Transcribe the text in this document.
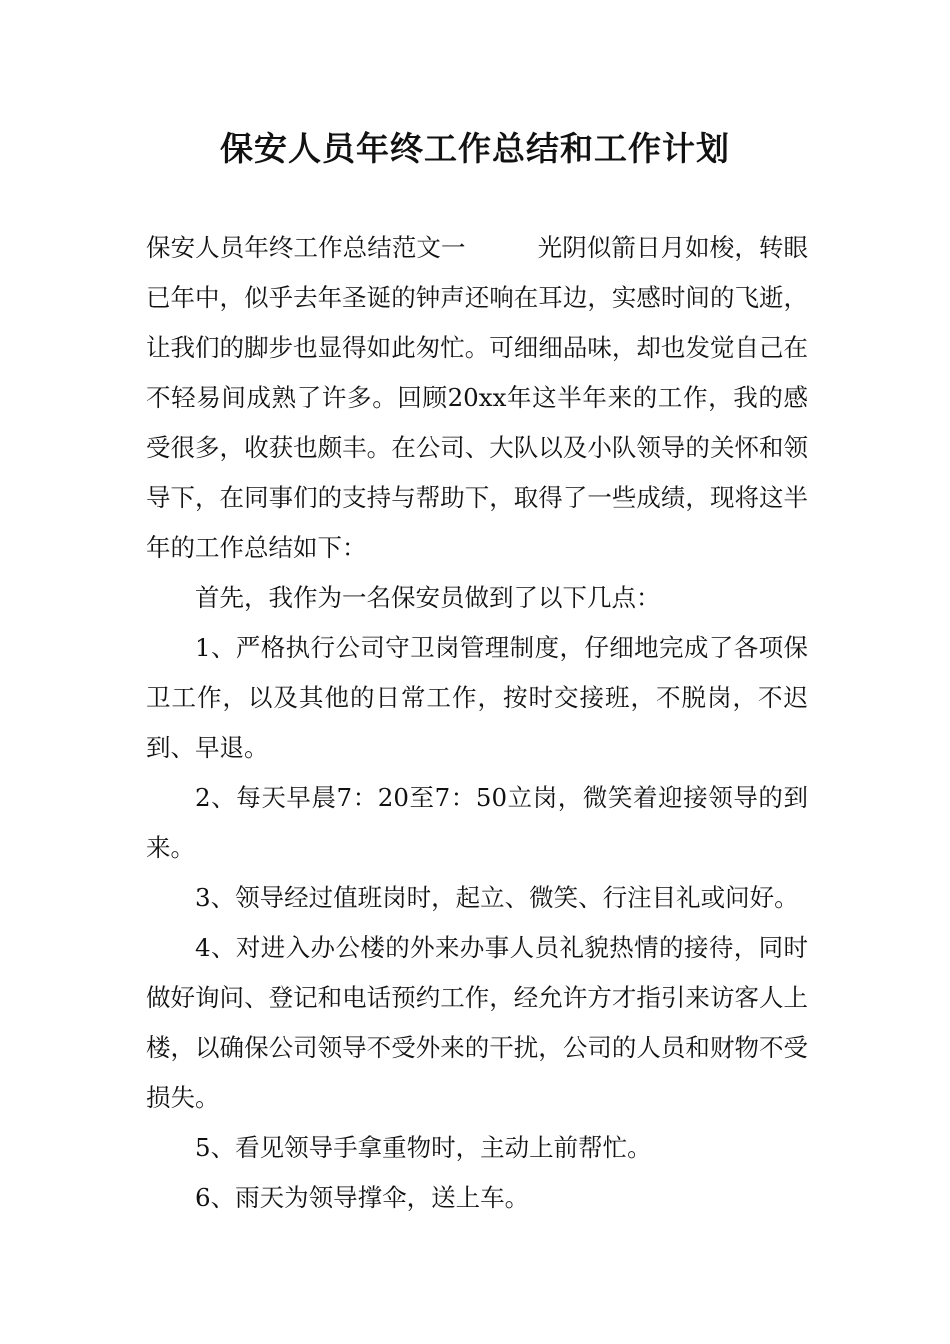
保安人员年终工作总结和工作计划

保安人员年终工作总结范文一	光阴似箭日月如梭，转眼已年中，似乎去年圣诞的钟声还响在耳边，实感时间的飞逝，让我们的脚步也显得如此匆忙。可细细品味，却也发觉自己在不轻易间成熟了许多。回顾20xx年这半年来的工作，我的感受很多，收获也颇丰。在公司、大队以及小队领导的关怀和领导下，在同事们的支持与帮助下，取得了一些成绩，现将这半年的工作总结如下：

首先，我作为一名保安员做到了以下几点：

1、严格执行公司守卫岗管理制度，仔细地完成了各项保卫工作，以及其他的日常工作，按时交接班，不脱岗，不迟到、早退。

2、每天早晨7：20至7：50立岗，微笑着迎接领导的到来。

3、领导经过值班岗时，起立、微笑、行注目礼或问好。

4、对进入办公楼的外来办事人员礼貌热情的接待，同时做好询问、登记和电话预约工作，经允许方才指引来访客人上楼，以确保公司领导不受外来的干扰，公司的人员和财物不受损失。

5、看见领导手拿重物时，主动上前帮忙。

6、雨天为领导撑伞，送上车。
